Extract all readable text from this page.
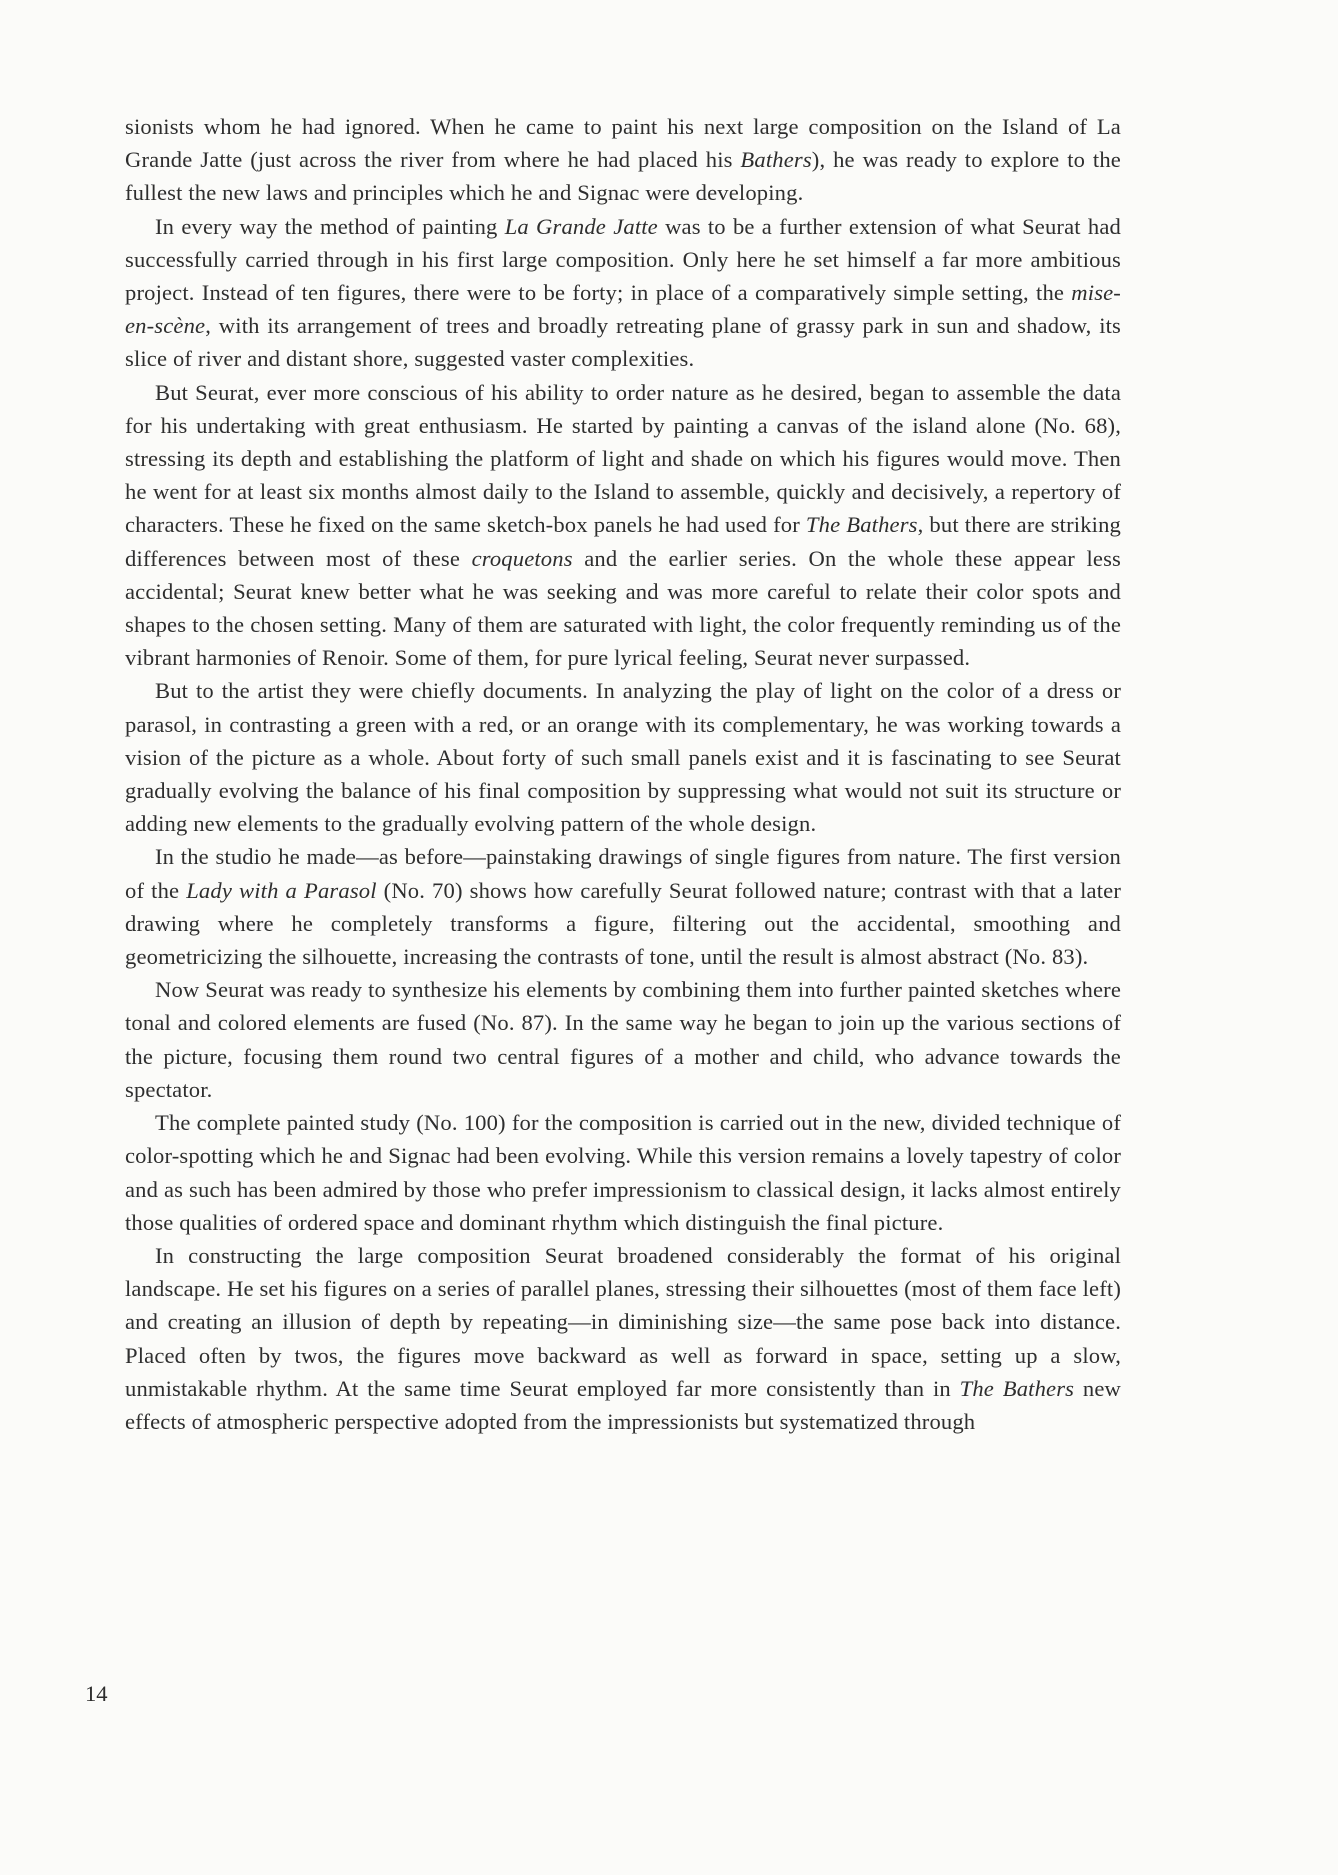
sionists whom he had ignored. When he came to paint his next large composition on the Island of La Grande Jatte (just across the river from where he had placed his Bathers), he was ready to explore to the fullest the new laws and principles which he and Signac were developing.

In every way the method of painting La Grande Jatte was to be a further extension of what Seurat had successfully carried through in his first large composition. Only here he set himself a far more ambitious project. Instead of ten figures, there were to be forty; in place of a comparatively simple setting, the mise-en-scène, with its arrangement of trees and broadly retreating plane of grassy park in sun and shadow, its slice of river and distant shore, suggested vaster complexities.

But Seurat, ever more conscious of his ability to order nature as he desired, began to assemble the data for his undertaking with great enthusiasm. He started by painting a canvas of the island alone (No. 68), stressing its depth and establishing the platform of light and shade on which his figures would move. Then he went for at least six months almost daily to the Island to assemble, quickly and decisively, a repertory of characters. These he fixed on the same sketch-box panels he had used for The Bathers, but there are striking differences between most of these croquetons and the earlier series. On the whole these appear less accidental; Seurat knew better what he was seeking and was more careful to relate their color spots and shapes to the chosen setting. Many of them are saturated with light, the color frequently reminding us of the vibrant harmonies of Renoir. Some of them, for pure lyrical feeling, Seurat never surpassed.

But to the artist they were chiefly documents. In analyzing the play of light on the color of a dress or parasol, in contrasting a green with a red, or an orange with its complementary, he was working towards a vision of the picture as a whole. About forty of such small panels exist and it is fascinating to see Seurat gradually evolving the balance of his final composition by suppressing what would not suit its structure or adding new elements to the gradually evolving pattern of the whole design.

In the studio he made—as before—painstaking drawings of single figures from nature. The first version of the Lady with a Parasol (No. 70) shows how carefully Seurat followed nature; contrast with that a later drawing where he completely transforms a figure, filtering out the accidental, smoothing and geometricizing the silhouette, increasing the contrasts of tone, until the result is almost abstract (No. 83).

Now Seurat was ready to synthesize his elements by combining them into further painted sketches where tonal and colored elements are fused (No. 87). In the same way he began to join up the various sections of the picture, focusing them round two central figures of a mother and child, who advance towards the spectator.

The complete painted study (No. 100) for the composition is carried out in the new, divided technique of color-spotting which he and Signac had been evolving. While this version remains a lovely tapestry of color and as such has been admired by those who prefer impressionism to classical design, it lacks almost entirely those qualities of ordered space and dominant rhythm which distinguish the final picture.

In constructing the large composition Seurat broadened considerably the format of his original landscape. He set his figures on a series of parallel planes, stressing their silhouettes (most of them face left) and creating an illusion of depth by repeating—in diminishing size—the same pose back into distance. Placed often by twos, the figures move backward as well as forward in space, setting up a slow, unmistakable rhythm. At the same time Seurat employed far more consistently than in The Bathers new effects of atmospheric perspective adopted from the impressionists but systematized through

14
